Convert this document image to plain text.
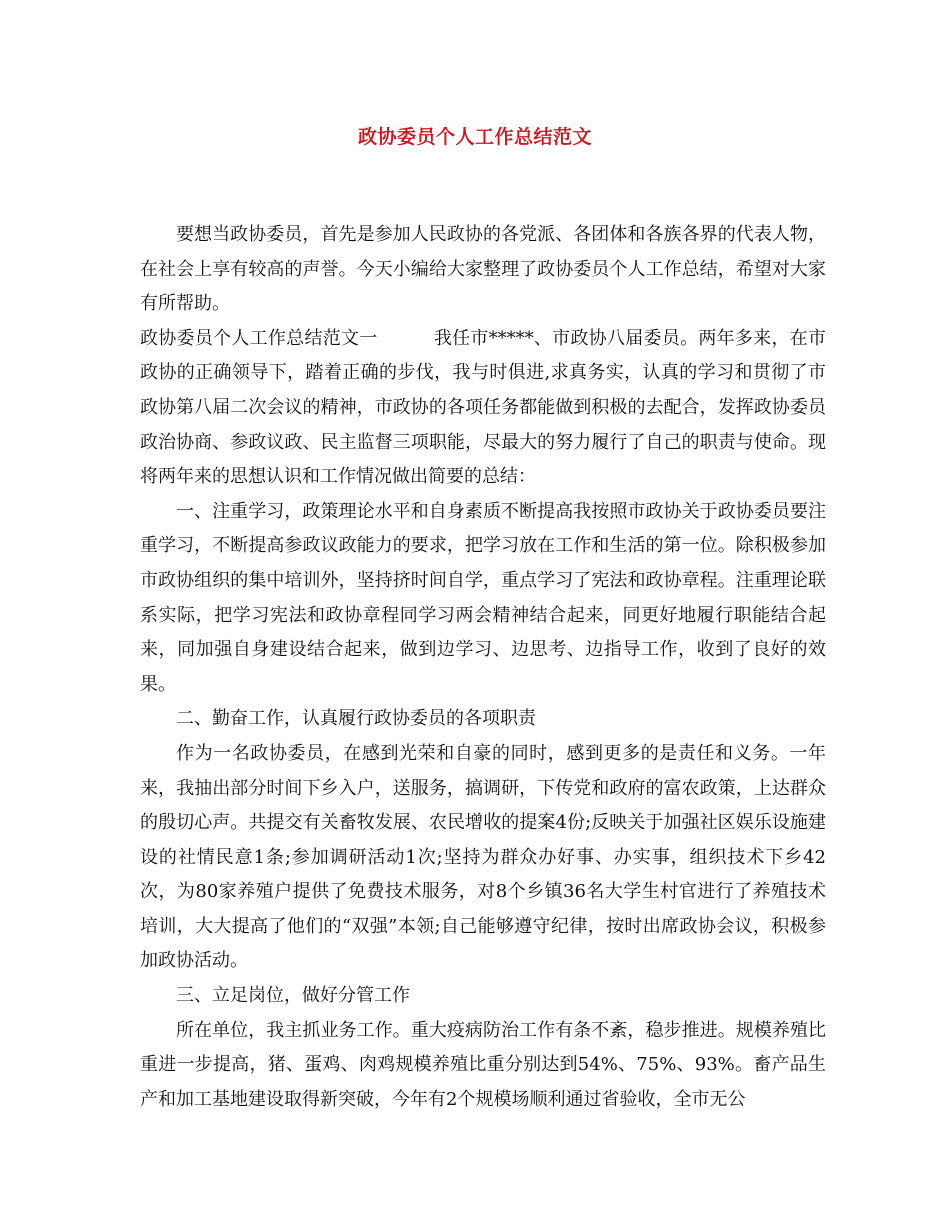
政协委员个人工作总结范文

要想当政协委员，首先是参加人民政协的各党派、各团体和各族各界的代表人物，在社会上享有较高的声誉。今天小编给大家整理了政协委员个人工作总结，希望对大家有所帮助。

政协委员个人工作总结范文一	我任市*****、市政协八届委员。两年多来，在市政协的正确领导下，踏着正确的步伐，我与时俱进,求真务实，认真的学习和贯彻了市政协第八届二次会议的精神，市政协的各项任务都能做到积极的去配合，发挥政协委员政治协商、参政议政、民主监督三项职能，尽最大的努力履行了自己的职责与使命。现将两年来的思想认识和工作情况做出简要的总结：

一、注重学习，政策理论水平和自身素质不断提高我按照市政协关于政协委员要注重学习，不断提高参政议政能力的要求，把学习放在工作和生活的第一位。除积极参加市政协组织的集中培训外，坚持挤时间自学，重点学习了宪法和政协章程。注重理论联系实际，把学习宪法和政协章程同学习两会精神结合起来，同更好地履行职能结合起来，同加强自身建设结合起来，做到边学习、边思考、边指导工作，收到了良好的效果。

二、勤奋工作，认真履行政协委员的各项职责

作为一名政协委员，在感到光荣和自豪的同时，感到更多的是责任和义务。一年来，我抽出部分时间下乡入户，送服务，搞调研，下传党和政府的富农政策，上达群众的殷切心声。共提交有关畜牧发展、农民增收的提案4份;反映关于加强社区娱乐设施建设的社情民意1条;参加调研活动1次;坚持为群众办好事、办实事，组织技术下乡42次，为80家养殖户提供了免费技术服务，对8个乡镇36名大学生村官进行了养殖技术培训，大大提高了他们的“双强”本领;自己能够遵守纪律，按时出席政协会议，积极参加政协活动。

三、立足岗位，做好分管工作

所在单位，我主抓业务工作。重大疫病防治工作有条不紊，稳步推进。规模养殖比重进一步提高，猪、蛋鸡、肉鸡规模养殖比重分别达到54%、75%、93%。畜产品生产和加工基地建设取得新突破，今年有2个规模场顺利通过省验收，全市无公
